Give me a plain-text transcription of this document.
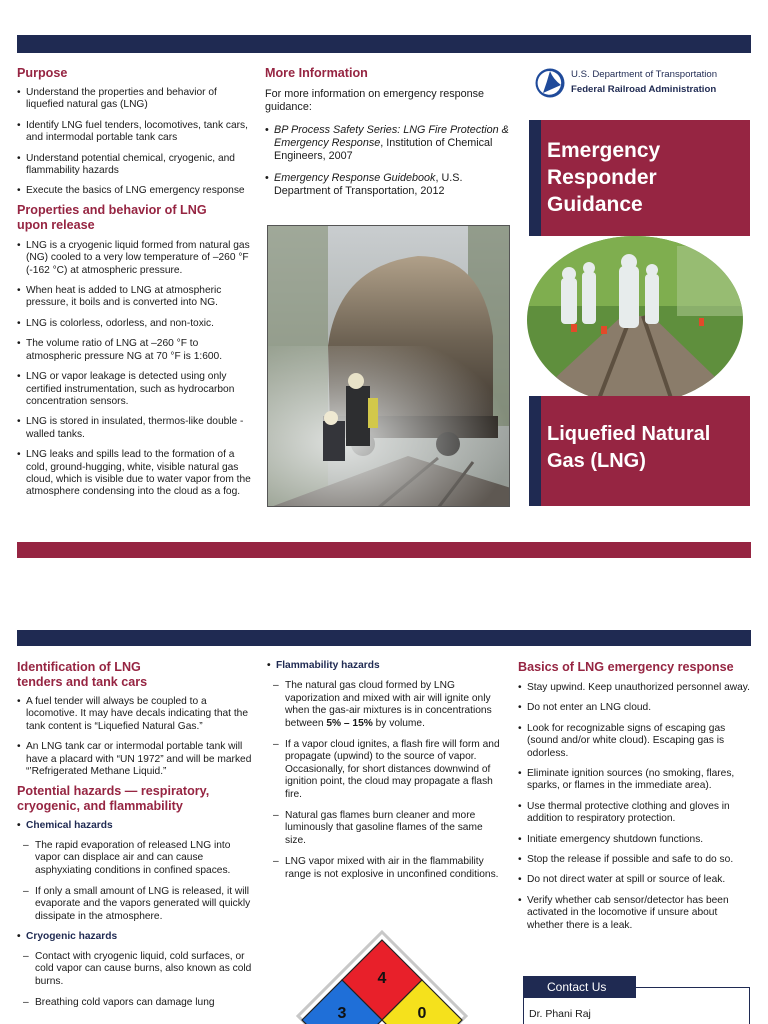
Purpose
• Understand the properties and behavior of liquefied natural gas (LNG)
• Identify LNG fuel tenders, locomotives, tank cars, and intermodal portable tank cars
• Understand potential chemical, cryogenic, and flammability hazards
• Execute the basics of LNG emergency response
Properties and behavior of LNG upon release
• LNG is a cryogenic liquid formed from natural gas (NG) cooled to a very low temperature of –260 °F (-162 °C) at atmospheric pressure.
• When heat is added to LNG at atmospheric pressure, it boils and is converted into NG.
• LNG is colorless, odorless, and non-toxic.
• The volume ratio of LNG at –260 °F to atmospheric pressure NG at 70 °F is 1:600.
• LNG or vapor leakage is detected using only certified instrumentation, such as hydrocarbon concentration sensors.
• LNG is stored in insulated, thermos-like double -walled tanks.
• LNG leaks and spills lead to the formation of a cold, ground-hugging, white, visible natural gas cloud, which is visible due to water vapor from the atmosphere condensing into the cloud as a fog.
More Information
For more information on emergency response guidance:
• BP Process Safety Series: LNG Fire Protection & Emergency Response, Institution of Chemical Engineers, 2007
• Emergency Response Guidebook, U.S. Department of Transportation, 2012
U.S. Department of Transportation
Federal Railroad Administration
Emergency
Responder
Guidance
Liquefied Natural
Gas (LNG)
Identification of LNG
tenders and tank cars
• A fuel tender will always be coupled to a locomotive. It may have decals indicating that the tank content is “Liquefied Natural Gas.”
• An LNG tank car or intermodal portable tank will have a placard with “UN 1972” and will be marked “’Refrigerated Methane Liquid.”
Potential hazards — respiratory,
cryogenic, and flammability
• Chemical hazards
– The rapid evaporation of released LNG into vapor can displace air and can cause asphyxiating conditions in confined spaces.
– If only a small amount of LNG is released, it will evaporate and the vapors generated will quickly dissipate in the atmosphere.
• Cryogenic hazards
– Contact with cryogenic liquid, cold surfaces, or cold vapor can cause burns, also known as cold burns.
– Breathing cold vapors can damage lung
• Flammability hazards
– The natural gas cloud formed by LNG vaporization and mixed with air will ignite only when the gas-air mixtures is in concentrations between 5% – 15% by volume.
– If a vapor cloud ignites, a flash fire will form and propagate (upwind) to the source of vapor. Occasionally, for short distances downwind of ignition point, the cloud may propagate a flash fire.
– Natural gas flames burn cleaner and more luminously that gasoline flames of the same size.
– LNG vapor mixed with air in the flammability range is not explosive in unconfined conditions.
4
3	0
Basics of LNG emergency response
• Stay upwind. Keep unauthorized personnel away.
• Do not enter an LNG cloud.
• Look for recognizable signs of escaping gas (sound and/or white cloud). Escaping gas is odorless.
• Eliminate ignition sources (no smoking, flares, sparks, or flames in the immediate area).
• Use thermal protective clothing and gloves in addition to respiratory protection.
• Initiate emergency shutdown functions.
• Stop the release if possible and safe to do so.
• Do not direct water at spill or source of leak.
• Verify whether cab sensor/detector has been activated in the locomotive if unsure about whether there is a leak.
Contact Us
Dr. Phani Raj
